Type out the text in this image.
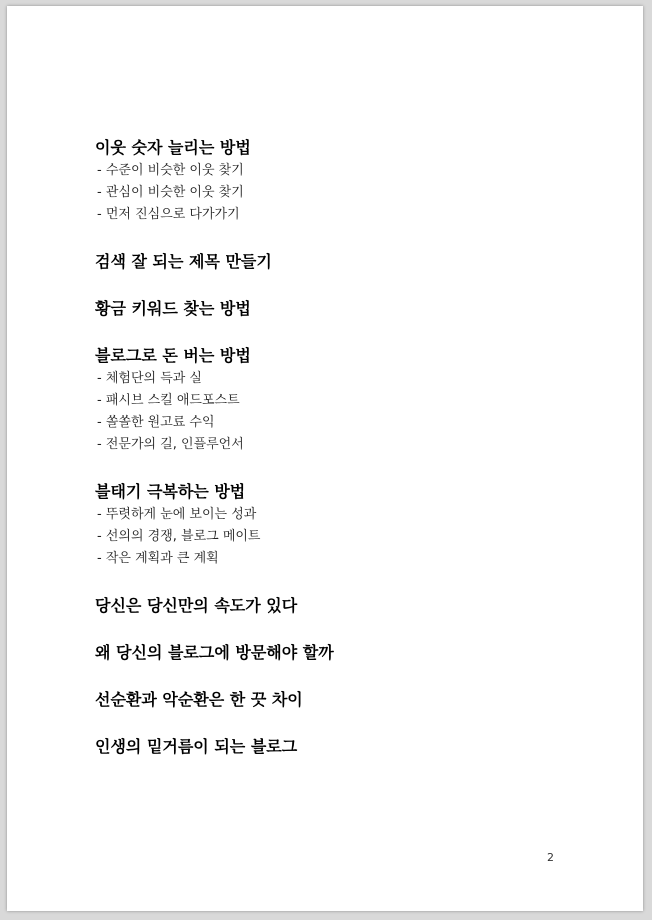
이웃 숫자 늘리는 방법
- 수준이 비슷한 이웃 찾기
- 관심이 비슷한 이웃 찾기
- 먼저 진심으로 다가가기
검색 잘 되는 제목 만들기
황금 키워드 찾는 방법
블로그로 돈 버는 방법
- 체험단의 득과 실
- 패시브 스킬 애드포스트
- 쏠쏠한 원고료 수익
- 전문가의 길, 인플루언서
블태기 극복하는 방법
- 뚜렷하게 눈에 보이는 성과
- 선의의 경쟁, 블로그 메이트
- 작은 계획과 큰 계획
당신은 당신만의 속도가 있다
왜 당신의 블로그에 방문해야 할까
선순환과 악순환은 한 끗 차이
인생의 밑거름이 되는 블로그
2
